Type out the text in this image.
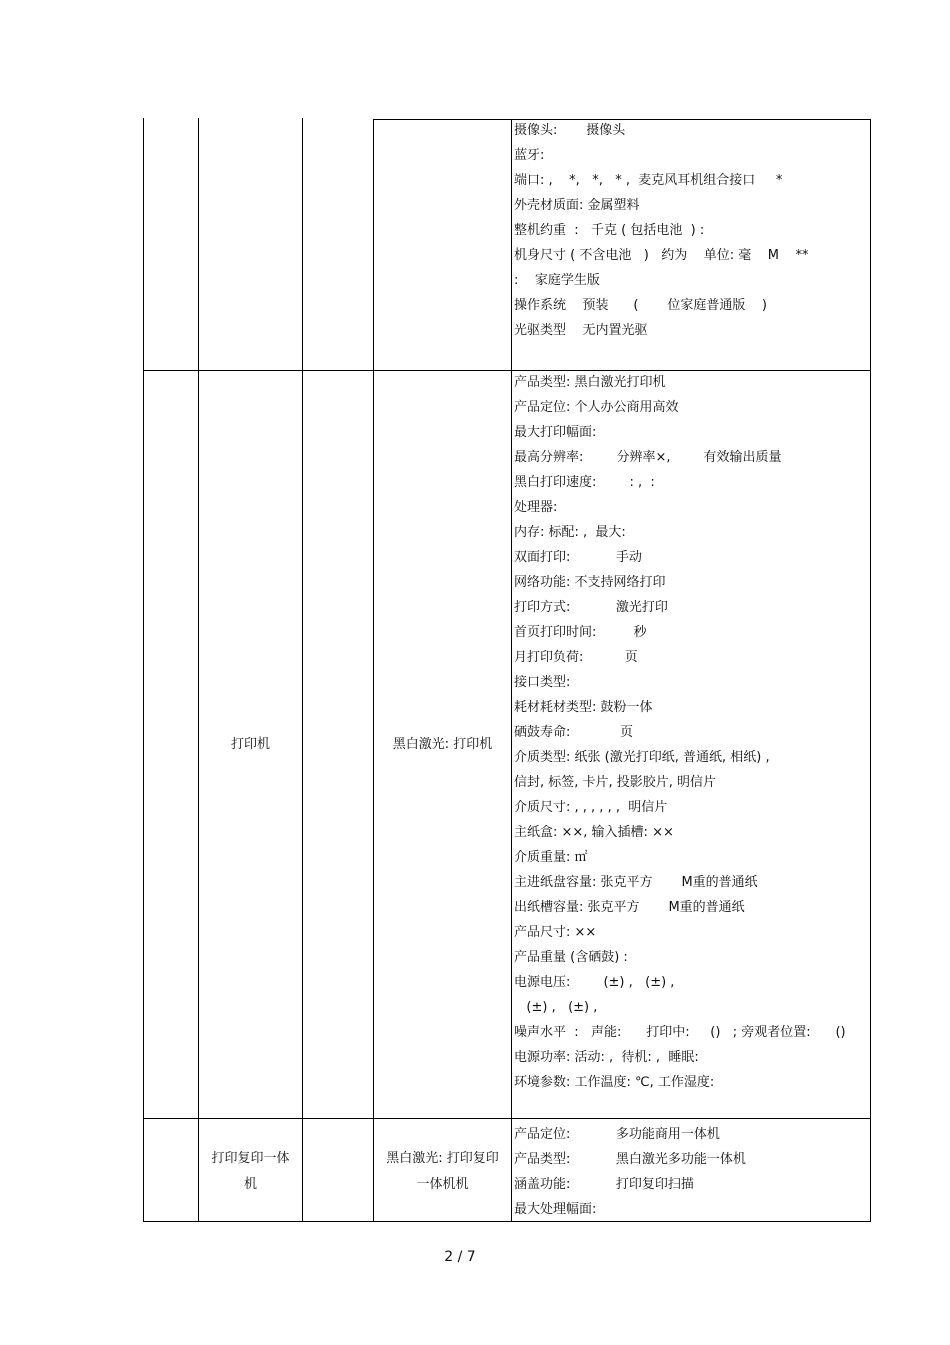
摄像头:       摄像头
蓝牙:
端口: ,    *,   *,   * ,  麦克风耳机组合接口     *
外壳材质面: 金属塑料
整机约重  :   千克 ( 包括电池  ) :
机身尺寸 ( 不含电池   )   约为    单位: 毫    M    **
:    家庭学生版
操作系统    预装      (       位家庭普通版    )
光驱类型    无内置光驱
打印机	黑白激光: 打印机
产品类型: 黑白激光打印机
产品定位: 个人办公商用高效
最大打印幅面:
最高分辨率:        分辨率×,        有效输出质量
黑白打印速度:        : ,  :
处理器:
内存: 标配: ,  最大:
双面打印:           手动
网络功能: 不支持网络打印
打印方式:           激光打印
首页打印时间:         秒
月打印负荷:          页
接口类型:
耗材耗材类型: 鼓粉一体
硒鼓寿命:            页
介质类型: 纸张 (激光打印纸, 普通纸, 相纸) ,
信封, 标签, 卡片, 投影胶片, 明信片
介质尺寸: , , , , , ,  明信片
主纸盒: ××, 输入插槽: ××
介质重量: ㎡
主进纸盘容量: 张克平方       M重的普通纸
出纸槽容量: 张克平方       M重的普通纸
产品尺寸: ××
产品重量 (含硒鼓) :
电源电压:        (±) ,   (±) ,
(±) ,   (±) ,
噪声水平  :   声能:      打印中:     ()   ; 旁观者位置:      ()
电源功率: 活动: ,  待机: ,  睡眠:
环境参数: 工作温度: ℃, 工作湿度:
打印复印一体
机
黑白激光: 打印复印
一体机机
产品定位:           多功能商用一体机
产品类型:           黑白激光多功能一体机
涵盖功能:           打印复印扫描
最大处理幅面:
2 / 7
